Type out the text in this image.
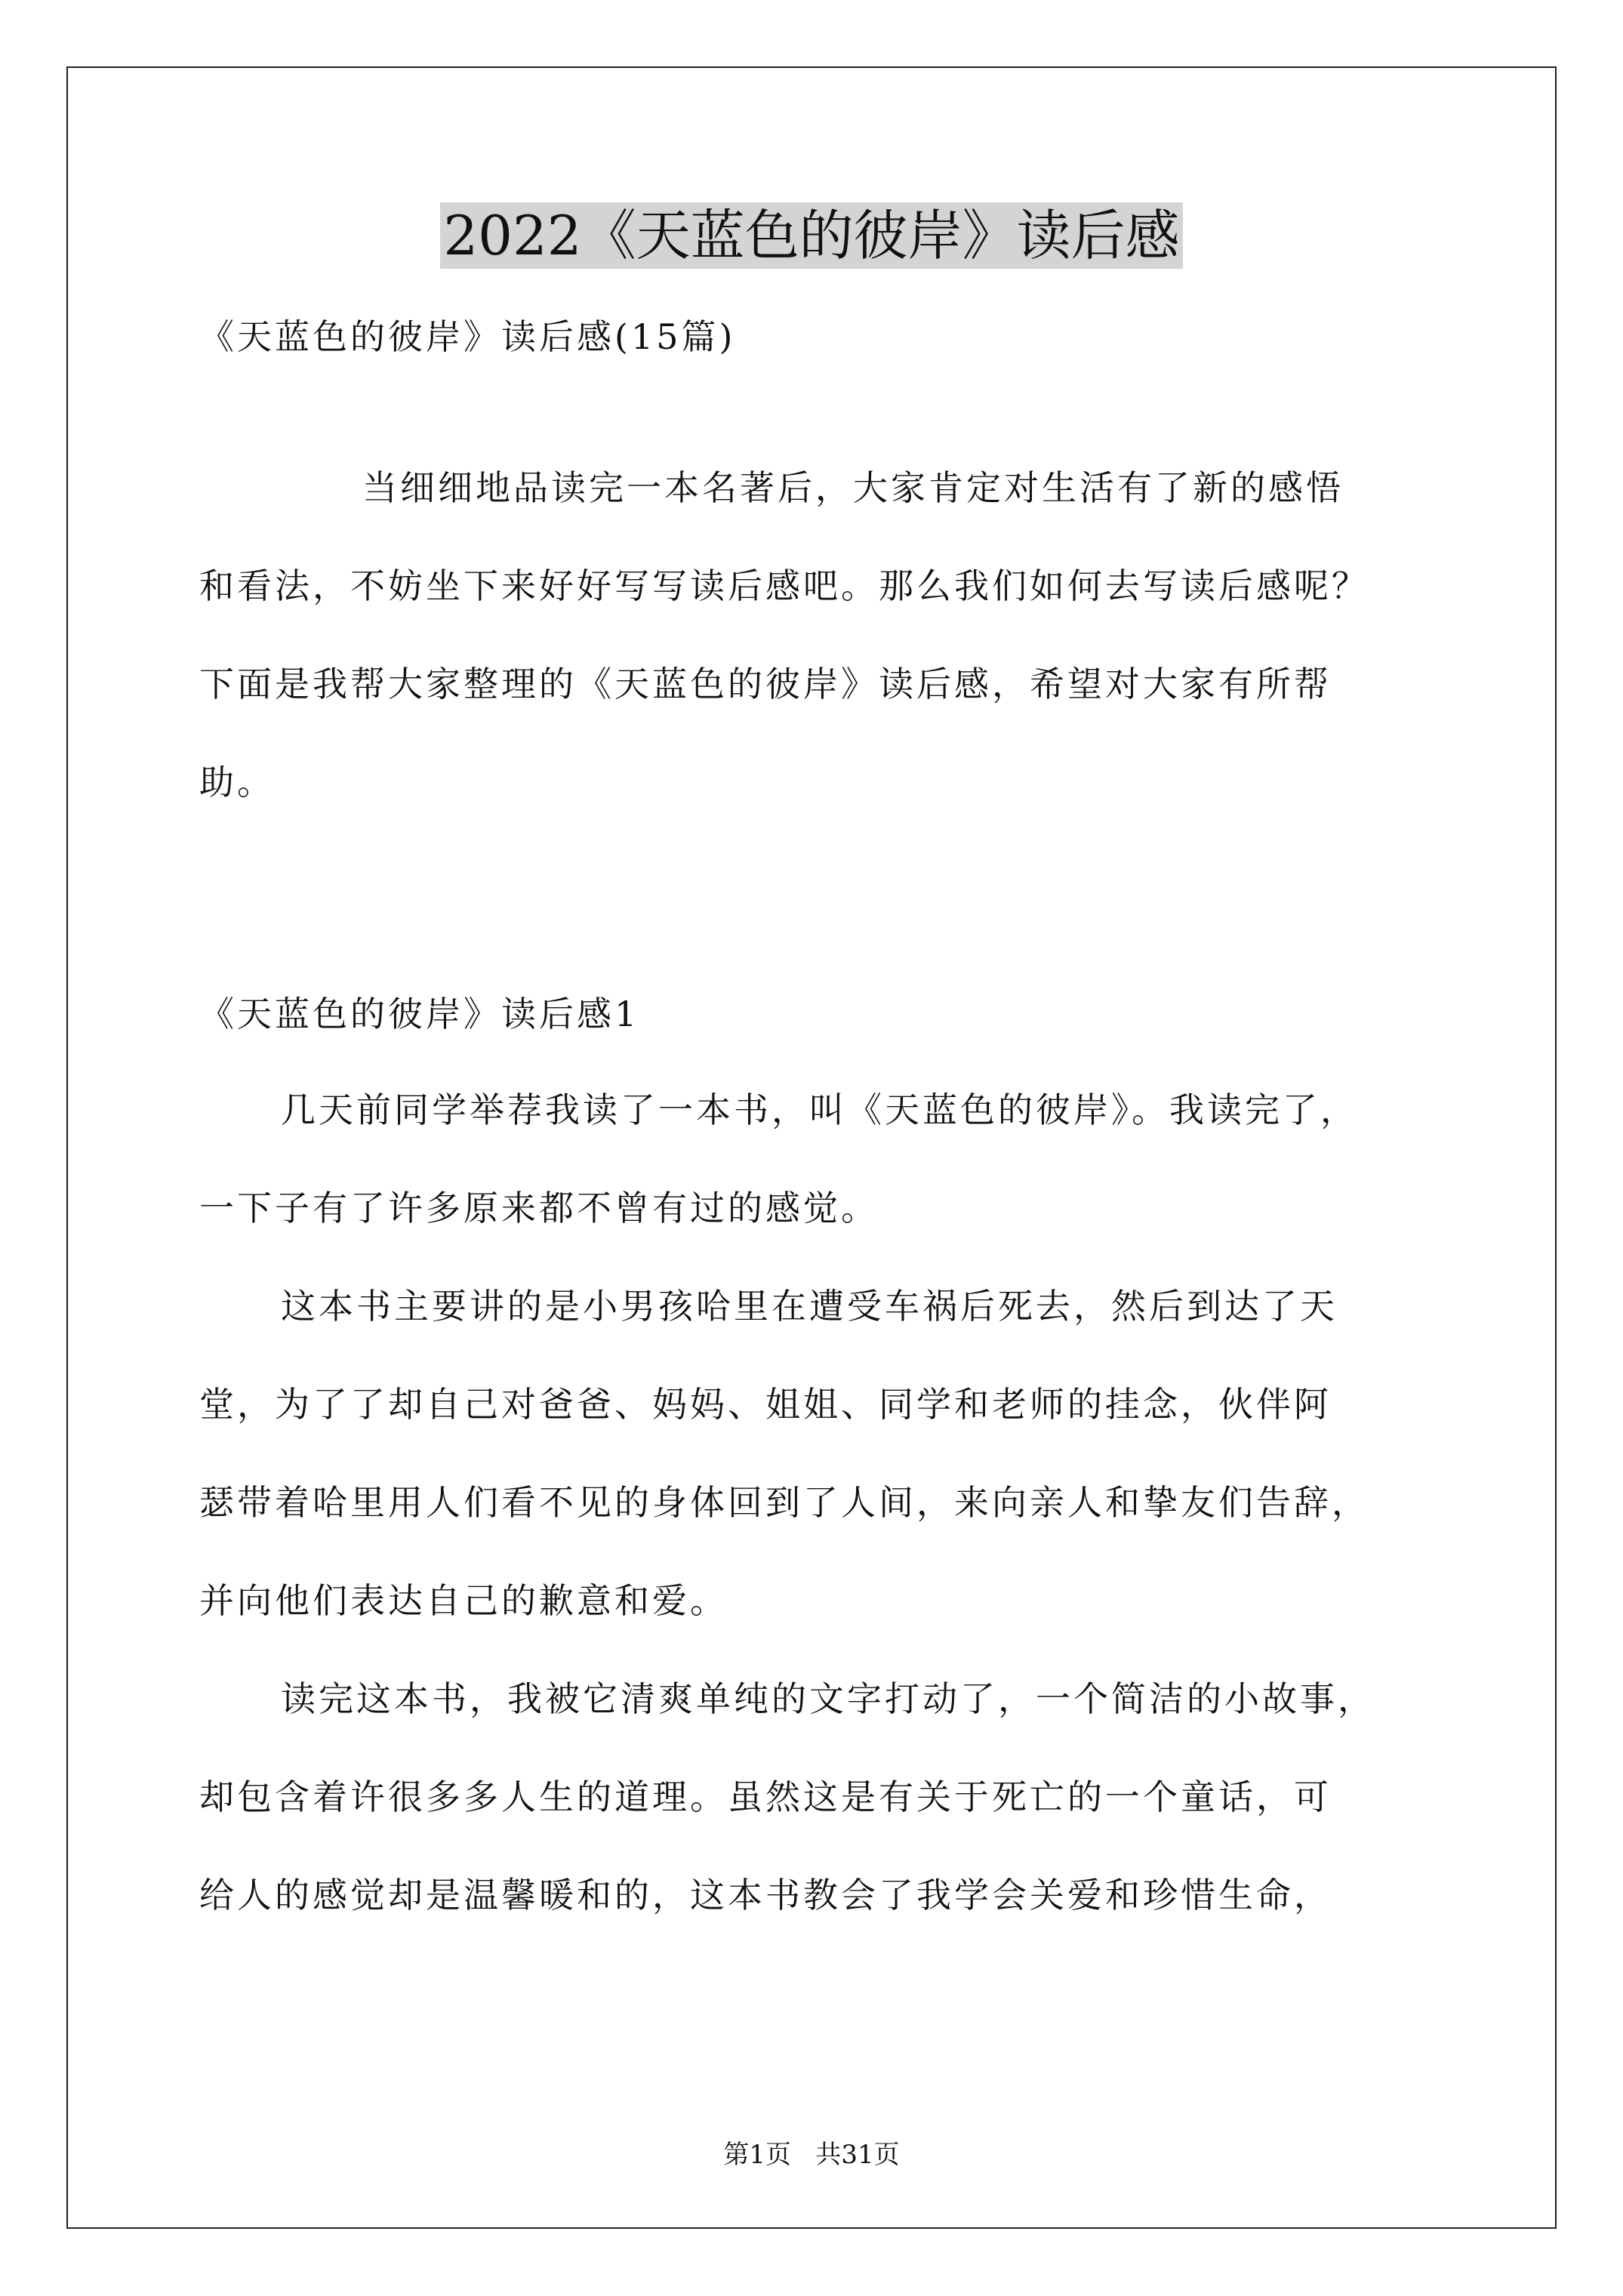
2022《天蓝色的彼岸》读后感
《天蓝色的彼岸》读后感(15篇)
当细细地品读完一本名著后，大家肯定对生活有了新的感悟
和看法，不妨坐下来好好写写读后感吧。那么我们如何去写读后感呢？
下面是我帮大家整理的《天蓝色的彼岸》读后感，希望对大家有所帮
助。
《天蓝色的彼岸》读后感1
几天前同学举荐我读了一本书，叫《天蓝色的彼岸》。我读完了，
一下子有了许多原来都不曾有过的感觉。
这本书主要讲的是小男孩哈里在遭受车祸后死去，然后到达了天
堂，为了了却自己对爸爸、妈妈、姐姐、同学和老师的挂念，伙伴阿
瑟带着哈里用人们看不见的身体回到了人间，来向亲人和挚友们告辞，
并向他们表达自己的歉意和爱。
读完这本书，我被它清爽单纯的文字打动了，一个简洁的小故事，
却包含着许很多多人生的道理。虽然这是有关于死亡的一个童话，可
给人的感觉却是温馨暖和的，这本书教会了我学会关爱和珍惜生命，
第1页   共31页
